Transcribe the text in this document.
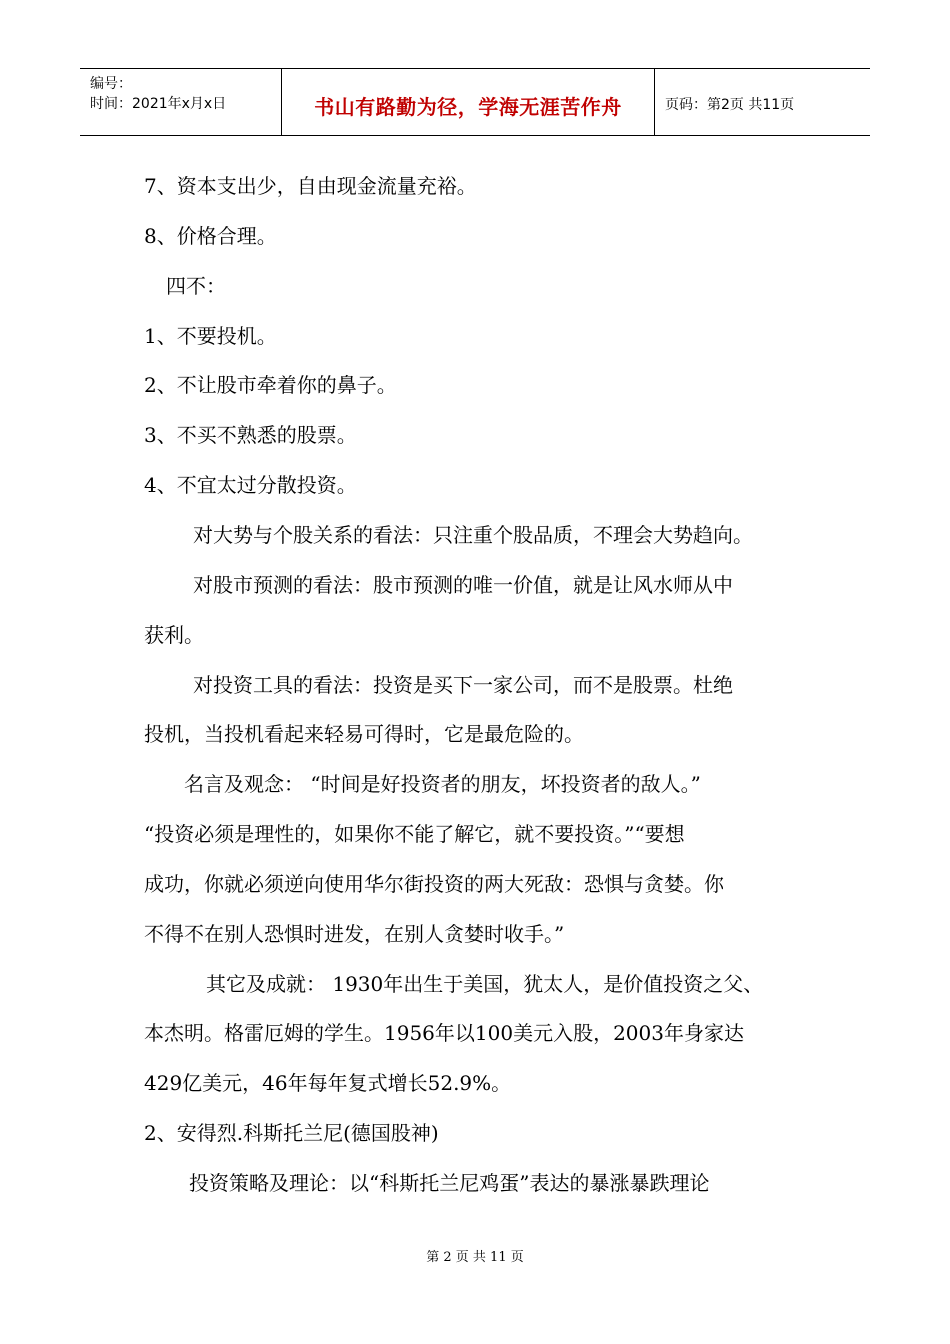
编号：
时间：2021年x月x日	书山有路勤为径，学海无涯苦作舟	页码：第2页 共11页
7、资本支出少，自由现金流量充裕。
8、价格合理。
四不：
1、不要投机。
2、不让股市牵着你的鼻子。
3、不买不熟悉的股票。
4、不宜太过分散投资。
对大势与个股关系的看法：只注重个股品质，不理会大势趋向。
对股市预测的看法：股市预测的唯一价值，就是让风水师从中
获利。
对投资工具的看法：投资是买下一家公司，而不是股票。杜绝
投机，当投机看起来轻易可得时，它是最危险的。
名言及观念： “时间是好投资者的朋友，坏投资者的敌人。”
“投资必须是理性的，如果你不能了解它，就不要投资。”“要想
成功，你就必须逆向使用华尔街投资的两大死敌：恐惧与贪婪。你
不得不在别人恐惧时进发，在别人贪婪时收手。”
其它及成就： 1930年出生于美国，犹太人，是价值投资之父、
本杰明。格雷厄姆的学生。1956年以100美元入股，2003年身家达
429亿美元，46年每年复式增长52.9%。
2、安得烈.科斯托兰尼(德国股神)
投资策略及理论：以“科斯托兰尼鸡蛋”表达的暴涨暴跌理论
第 2 页 共 11 页
